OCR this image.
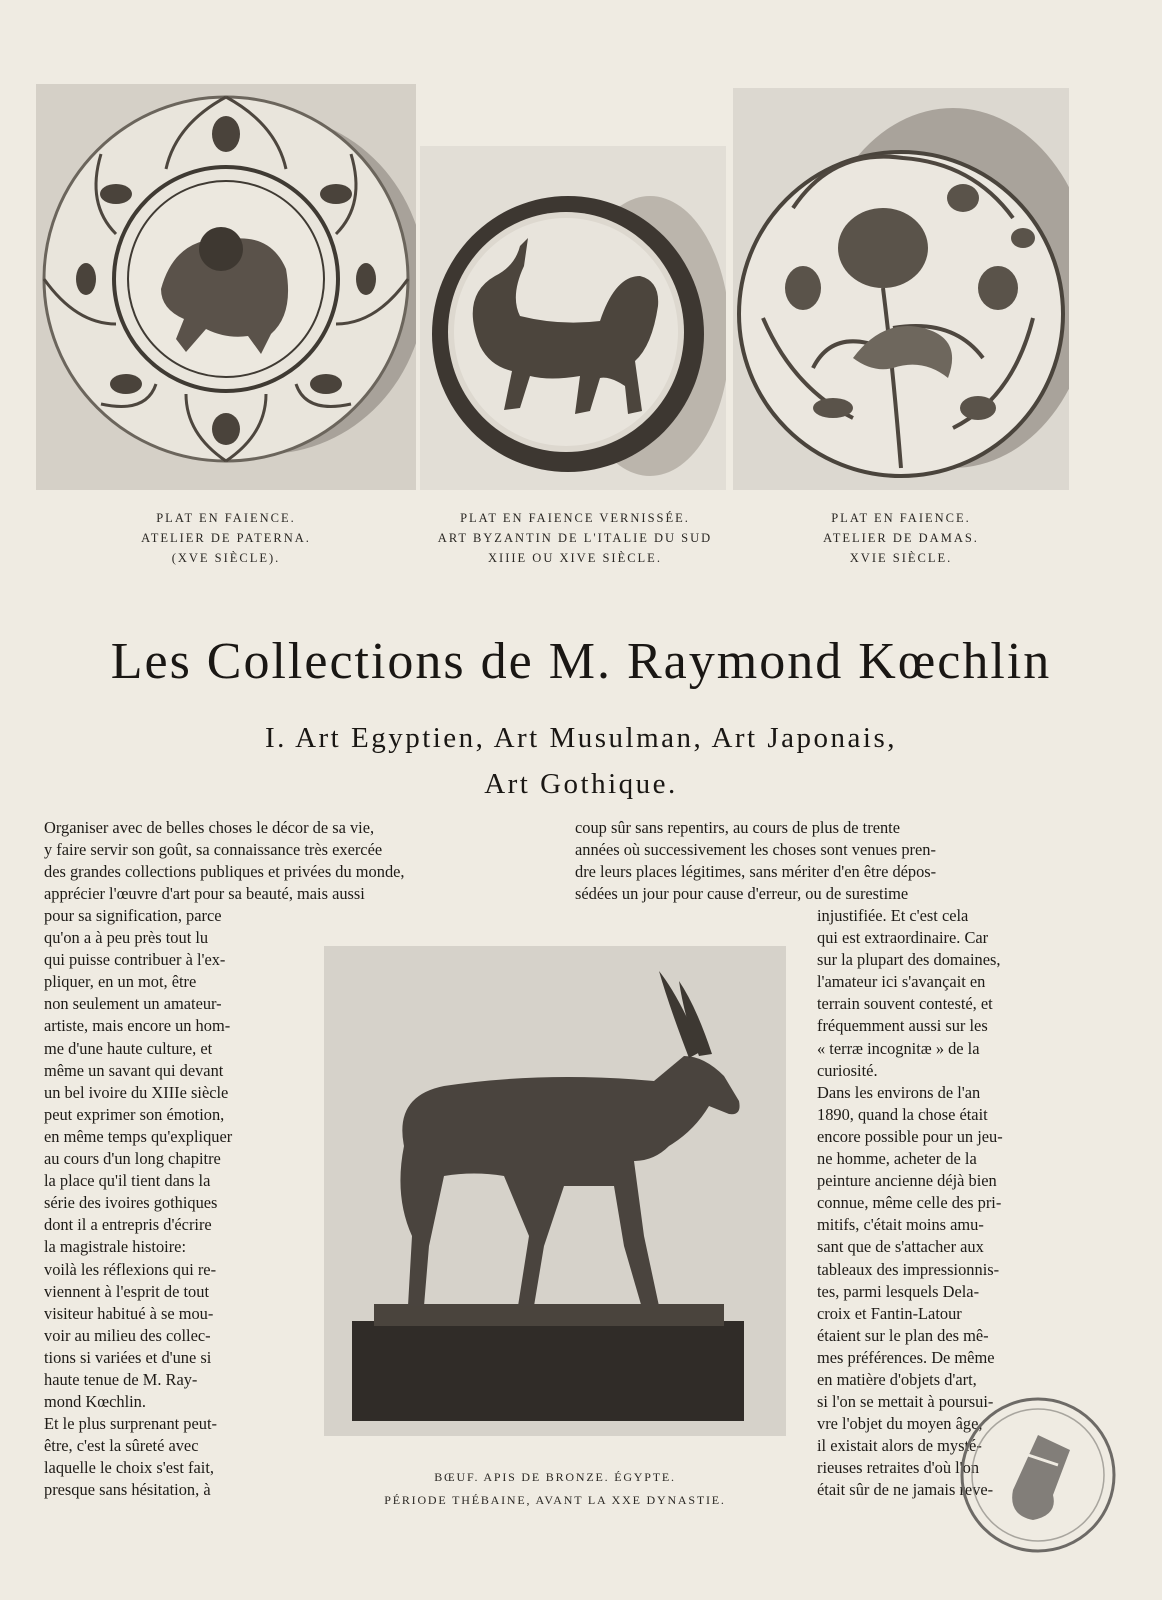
PLAT EN FAIENCE.
ATELIER DE PATERNA.
(XVE SIÈCLE).
PLAT EN FAIENCE VERNISSÉE.
ART BYZANTIN DE L'ITALIE DU SUD
XIIIE OU XIVE SIÈCLE.
PLAT EN FAIENCE.
ATELIER DE DAMAS.
XVIE SIÈCLE.
Les Collections de M. Raymond Kœchlin
I. Art Egyptien, Art Musulman, Art Japonais,
Art Gothique.
Organiser avec de belles choses le décor de sa vie,
y faire servir son goût, sa connaissance très exercée
des grandes collections publiques et privées du monde,
apprécier l'œuvre d'art pour sa beauté, mais aussi
pour sa signification, parce
qu'on a à peu près tout lu
qui puisse contribuer à l'ex-
pliquer, en un mot, être
non seulement un amateur-
artiste, mais encore un hom-
me d'une haute culture, et
même un savant qui devant
un bel ivoire du XIIIe siècle
peut exprimer son émotion,
en même temps qu'expliquer
au cours d'un long chapitre
la place qu'il tient dans la
série des ivoires gothiques
dont il a entrepris d'écrire
la magistrale histoire:
voilà les réflexions qui re-
viennent à l'esprit de tout
visiteur habitué à se mou-
voir au milieu des collec-
tions si variées et d'une si
haute tenue de M. Ray-
mond Kœchlin.
Et le plus surprenant peut-
être, c'est la sûreté avec
laquelle le choix s'est fait,
presque sans hésitation, à
coup sûr sans repentirs, au cours de plus de trente
années où successivement les choses sont venues pren-
dre leurs places légitimes, sans mériter d'en être dépos-
sédées un jour pour cause d'erreur, ou de surestime
injustifiée. Et c'est cela
qui est extraordinaire. Car
sur la plupart des domaines,
l'amateur ici s'avançait en
terrain souvent contesté, et
fréquemment aussi sur les
« terræ incognitæ » de la
curiosité.
Dans les environs de l'an
1890, quand la chose était
encore possible pour un jeu-
ne homme, acheter de la
peinture ancienne déjà bien
connue, même celle des pri-
mitifs, c'était moins amu-
sant que de s'attacher aux
tableaux des impressionnis-
tes, parmi lesquels Dela-
croix et Fantin-Latour
étaient sur le plan des mê-
mes préférences. De même
en matière d'objets d'art,
si l'on se mettait à poursui-
vre l'objet du moyen âge,
il existait alors de mysté-
rieuses retraites d'où l'on
était sûr de ne jamais reve-
BŒUF. APIS DE BRONZE. ÉGYPTE.
PÉRIODE THÉBAINE, AVANT LA XXE DYNASTIE.
